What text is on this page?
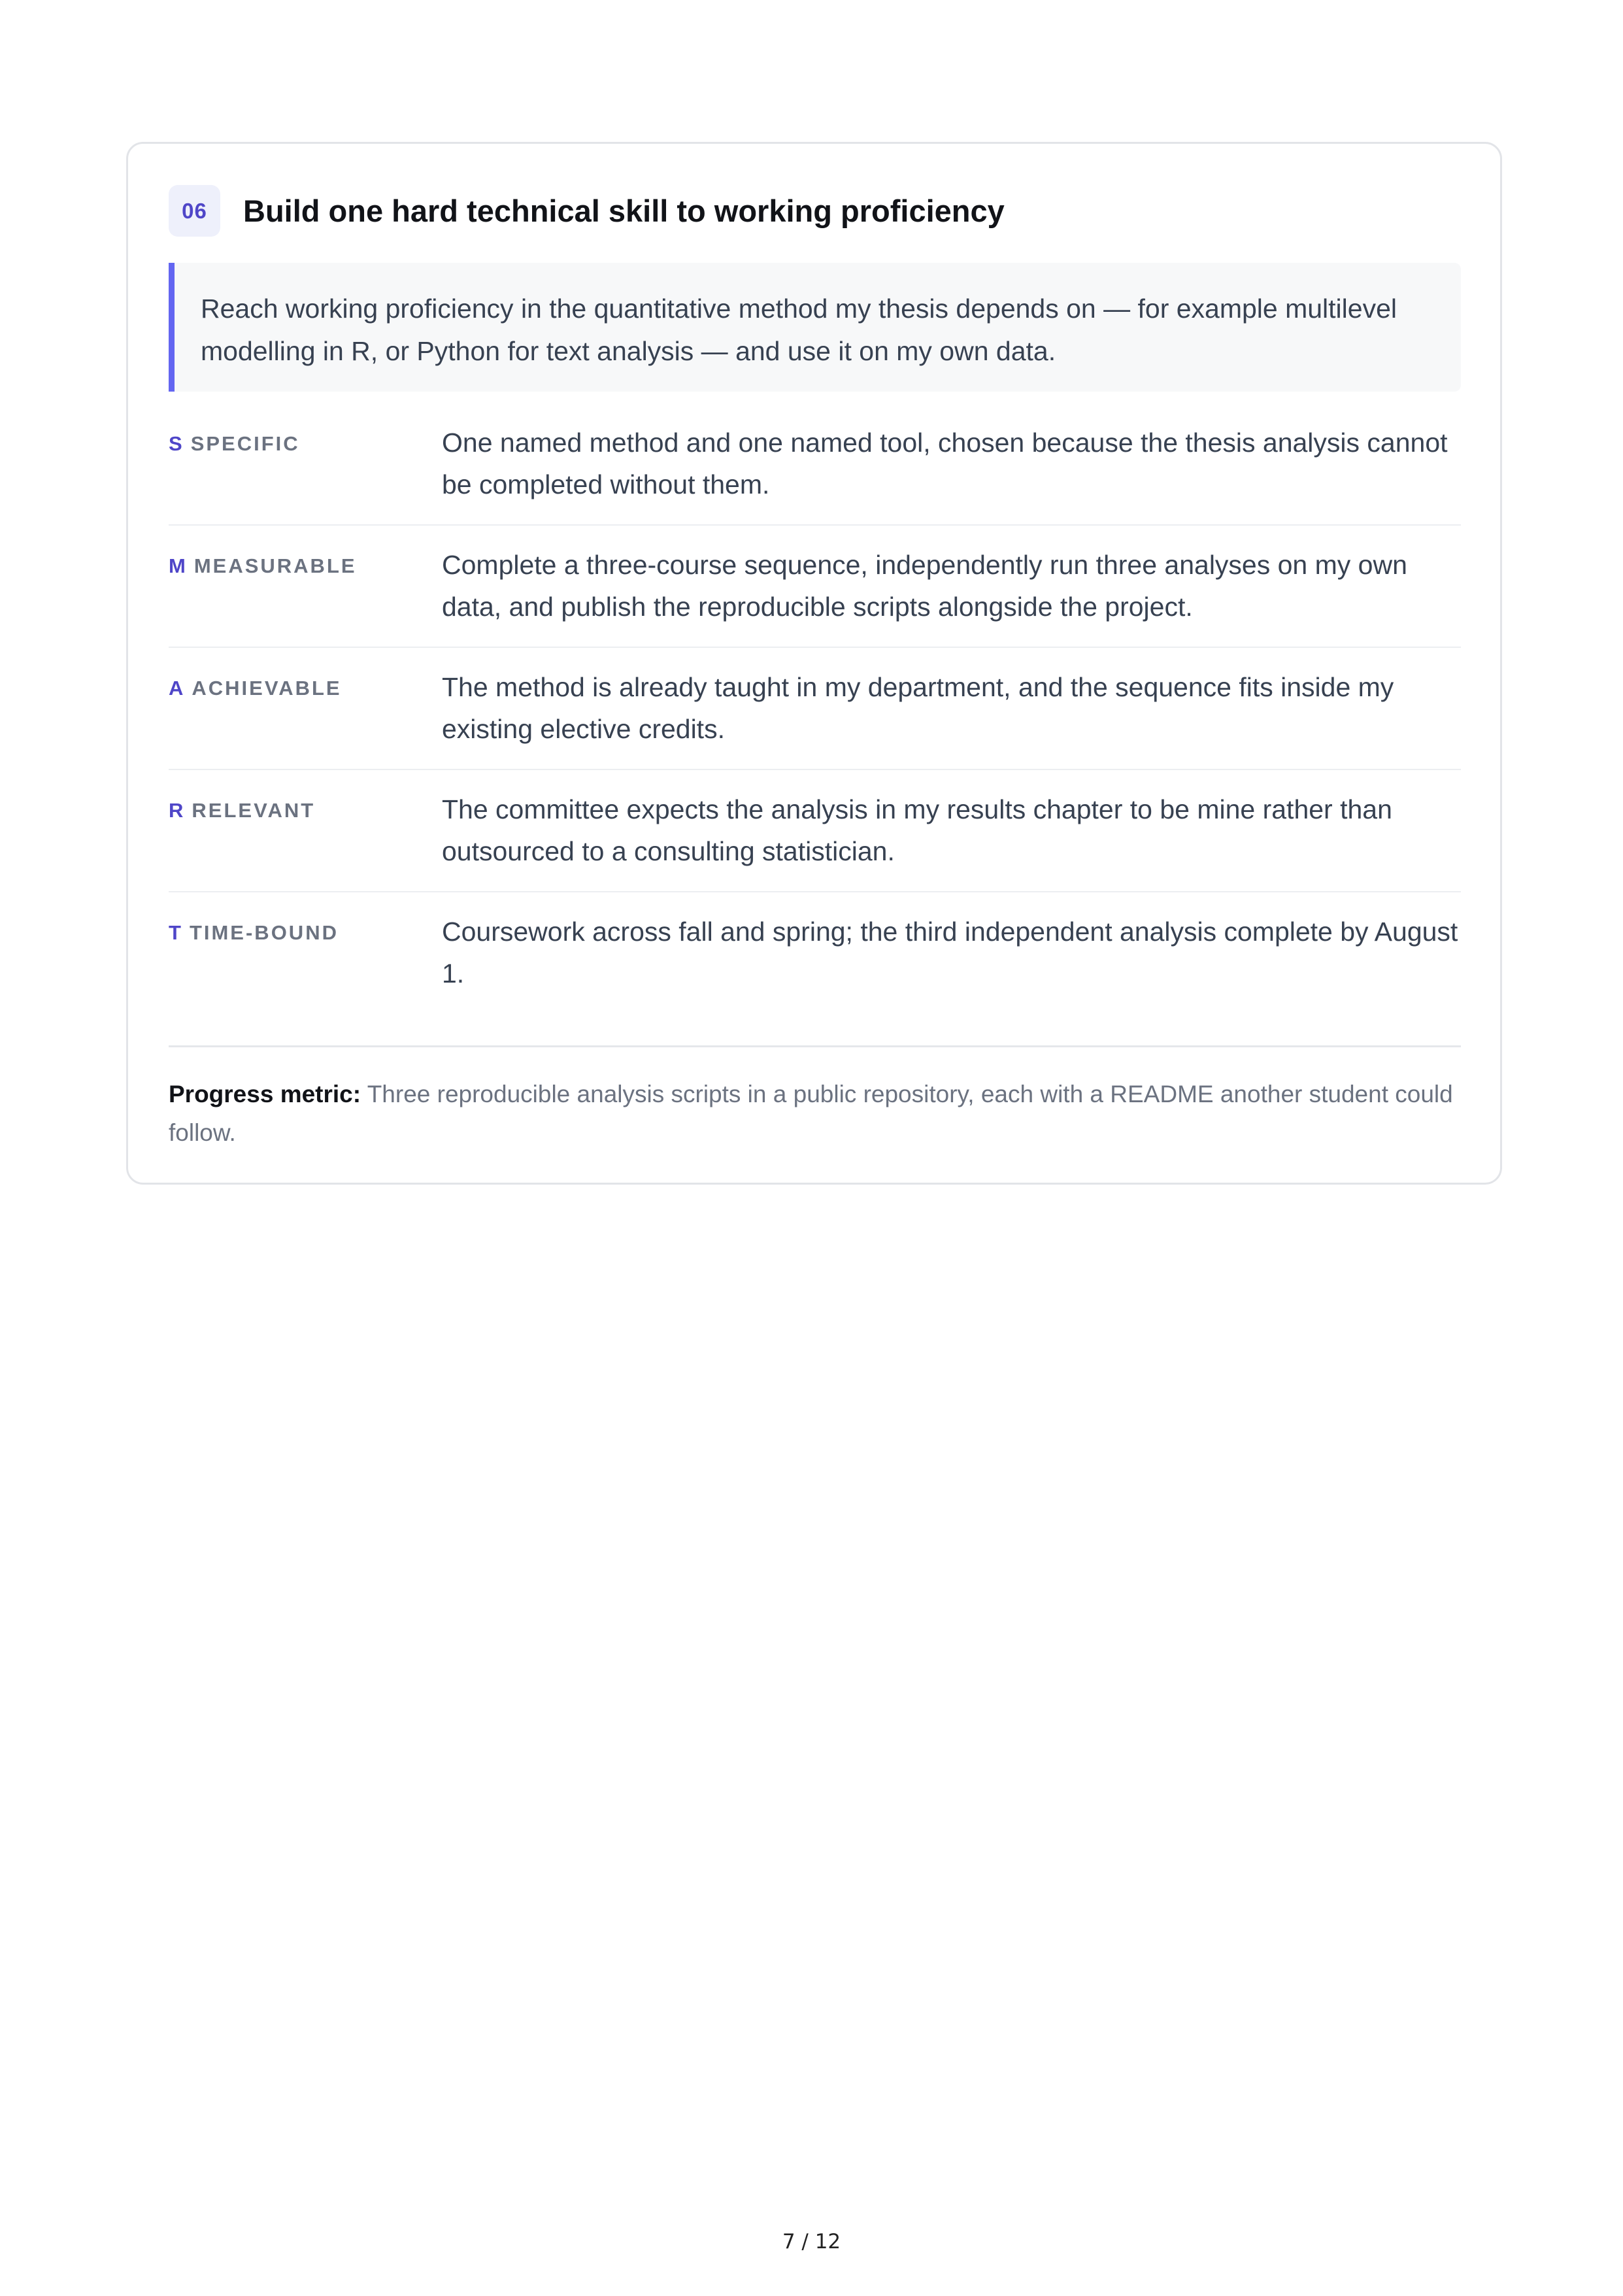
06	Build one hard technical skill to working proficiency
Reach working proficiency in the quantitative method my thesis depends on — for example multilevel modelling in R, or Python for text analysis — and use it on my own data.
S SPECIFIC	One named method and one named tool, chosen because the thesis analysis cannot be completed without them.
M MEASURABLE	Complete a three-course sequence, independently run three analyses on my own data, and publish the reproducible scripts alongside the project.
A ACHIEVABLE	The method is already taught in my department, and the sequence fits inside my existing elective credits.
R RELEVANT	The committee expects the analysis in my results chapter to be mine rather than outsourced to a consulting statistician.
T TIME-BOUND	Coursework across fall and spring; the third independent analysis complete by August 1.
Progress metric: Three reproducible analysis scripts in a public repository, each with a README another student could follow.
7 / 12
